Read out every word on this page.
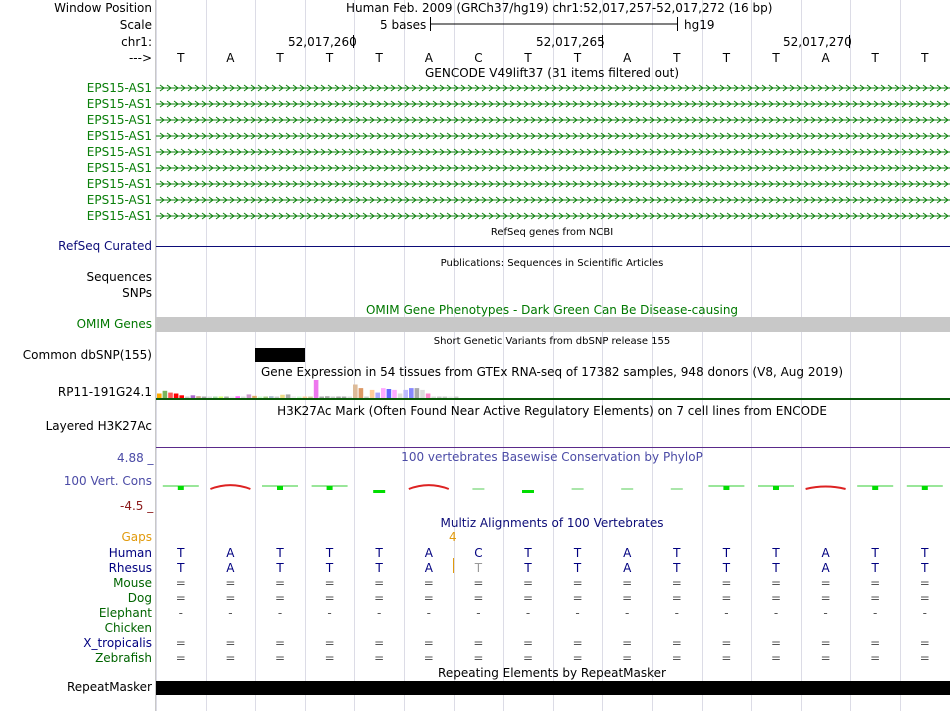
Window Position	Human Feb. 2009 (GRCh37/hg19) chr1:52,017,257-52,017,272 (16 bp)
Scale	5 bases	hg19
chr1:	52,017,260	52,017,265	52,017,270
---> T	A	T	T	T	A	C	T	T	A	T	T	T	A	T	T
GENCODE V49lift37 (31 items filtered out)
EPS15-AS1
EPS15-AS1
EPS15-AS1
EPS15-AS1
EPS15-AS1
EPS15-AS1
EPS15-AS1
EPS15-AS1
EPS15-AS1
RefSeq genes from NCBI
RefSeq Curated
Publications: Sequences in Scientific Articles
Sequences
SNPs
OMIM Gene Phenotypes - Dark Green Can Be Disease-causing
OMIM Genes
Short Genetic Variants from dbSNP release 155
Common dbSNP(155)
Gene Expression in 54 tissues from GTEx RNA-seq of 17382 samples, 948 donors (V8, Aug 2019)
RP11-191G24.1
H3K27Ac Mark (Often Found Near Active Regulatory Elements) on 7 cell lines from ENCODE
Layered H3K27Ac
100 vertebrates Basewise Conservation by PhyloP
4.88 _
100 Vert. Cons
-4.5 _
Multiz Alignments of 100 Vertebrates
Gaps	4
Human T	A	T	T	T	A	C	T	T	A	T	T	T	A	T	T
Rhesus T	A	T	T	T	A	T	T	T	A	T	T	T	A	T	T
Mouse =	=	=	=	=	=	=	=	=	=	=	=	=	=	=	=
Dog =	=	=	=	=	=	=	=	=	=	=	=	=	=	=	=
Elephant -	-	-	-	-	-	-	-	-	-	-	-	-	-	-	-
Chicken
X_tropicalis =	=	=	=	=	=	=	=	=	=	=	=	=	=	=	=
Zebrafish =	=	=	=	=	=	=	=	=	=	=	=	=	=	=	=
Repeating Elements by RepeatMasker
RepeatMasker
